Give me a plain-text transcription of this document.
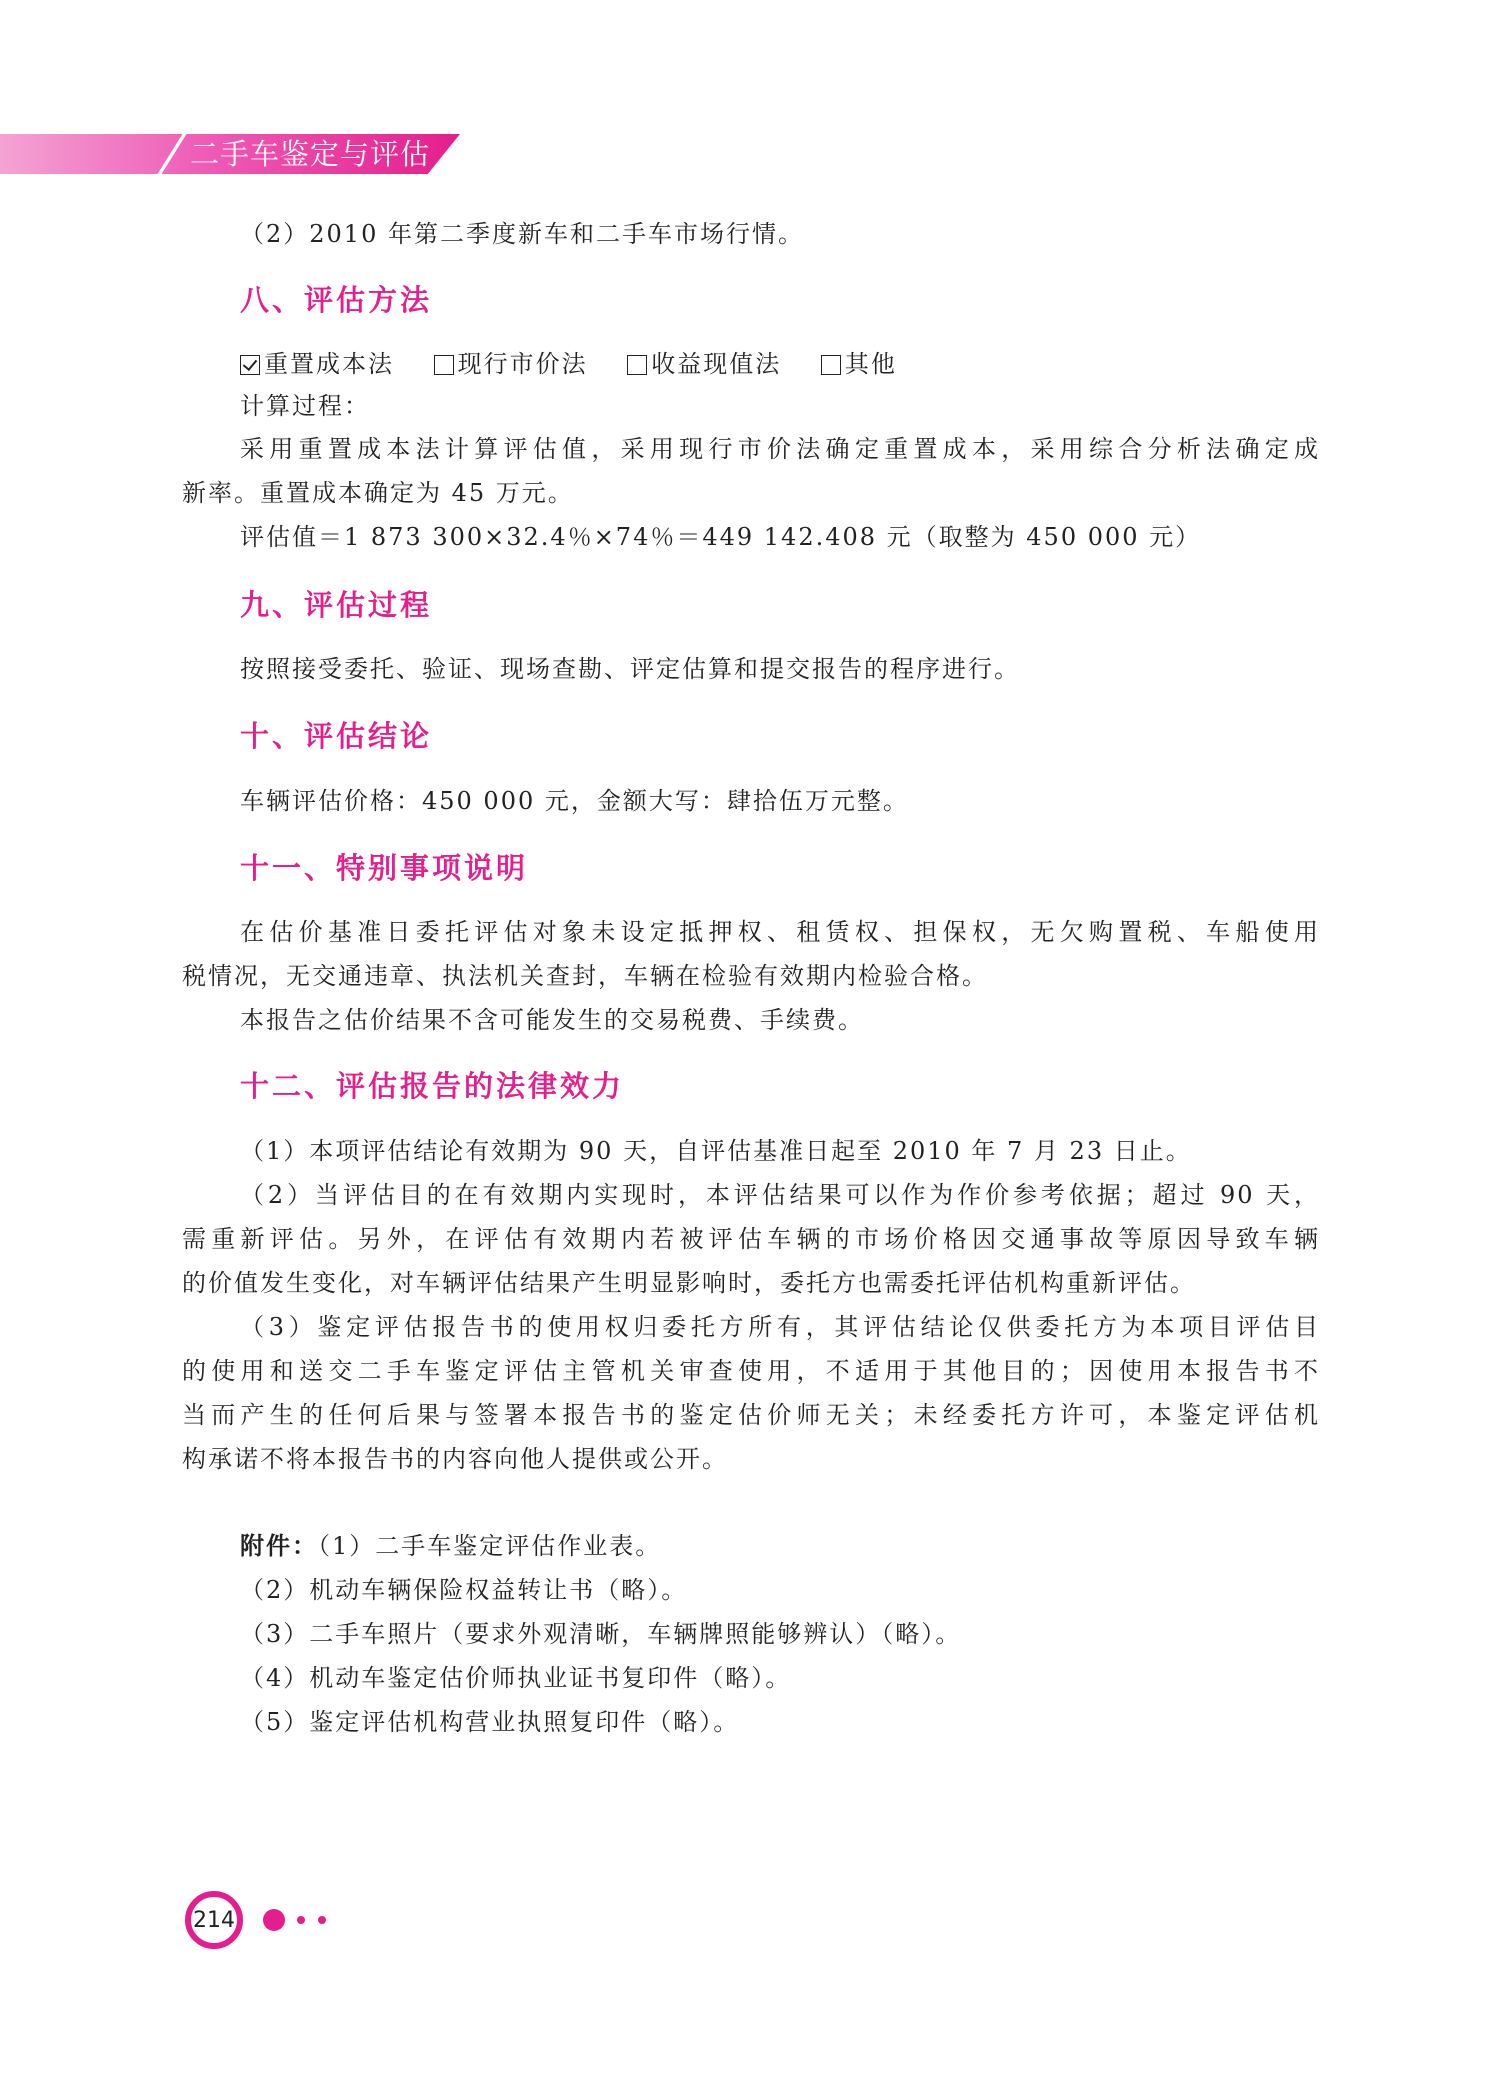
二手车鉴定与评估
（2）2010 年第二季度新车和二手车市场行情。
八、评估方法
重置成本法	现行市价法	收益现值法	其他
计算过程：
采用重置成本法计算评估值，采用现行市价法确定重置成本，采用综合分析法确定成
新率。重置成本确定为 45 万元。
评估值＝1 873 300×32.4％×74％＝449 142.408 元（取整为 450 000 元）
九、评估过程
按照接受委托、验证、现场查勘、评定估算和提交报告的程序进行。
十、评估结论
车辆评估价格：450 000 元，金额大写：肆拾伍万元整。
十一、特别事项说明
在估价基准日委托评估对象未设定抵押权、租赁权、担保权，无欠购置税、车船使用
税情况，无交通违章、执法机关查封，车辆在检验有效期内检验合格。
本报告之估价结果不含可能发生的交易税费、手续费。
十二、评估报告的法律效力
（1）本项评估结论有效期为 90 天，自评估基准日起至 2010 年 7 月 23 日止。
（2）当评估目的在有效期内实现时，本评估结果可以作为作价参考依据；超过 90 天，
需重新评估。另外，在评估有效期内若被评估车辆的市场价格因交通事故等原因导致车辆
的价值发生变化，对车辆评估结果产生明显影响时，委托方也需委托评估机构重新评估。
（3）鉴定评估报告书的使用权归委托方所有，其评估结论仅供委托方为本项目评估目
的使用和送交二手车鉴定评估主管机关审查使用，不适用于其他目的；因使用本报告书不
当而产生的任何后果与签署本报告书的鉴定估价师无关；未经委托方许可，本鉴定评估机
构承诺不将本报告书的内容向他人提供或公开。
附件：（1）二手车鉴定评估作业表。
（2）机动车辆保险权益转让书（略）。
（3）二手车照片（要求外观清晰，车辆牌照能够辨认）（略）。
（4）机动车鉴定估价师执业证书复印件（略）。
（5）鉴定评估机构营业执照复印件（略）。
214
